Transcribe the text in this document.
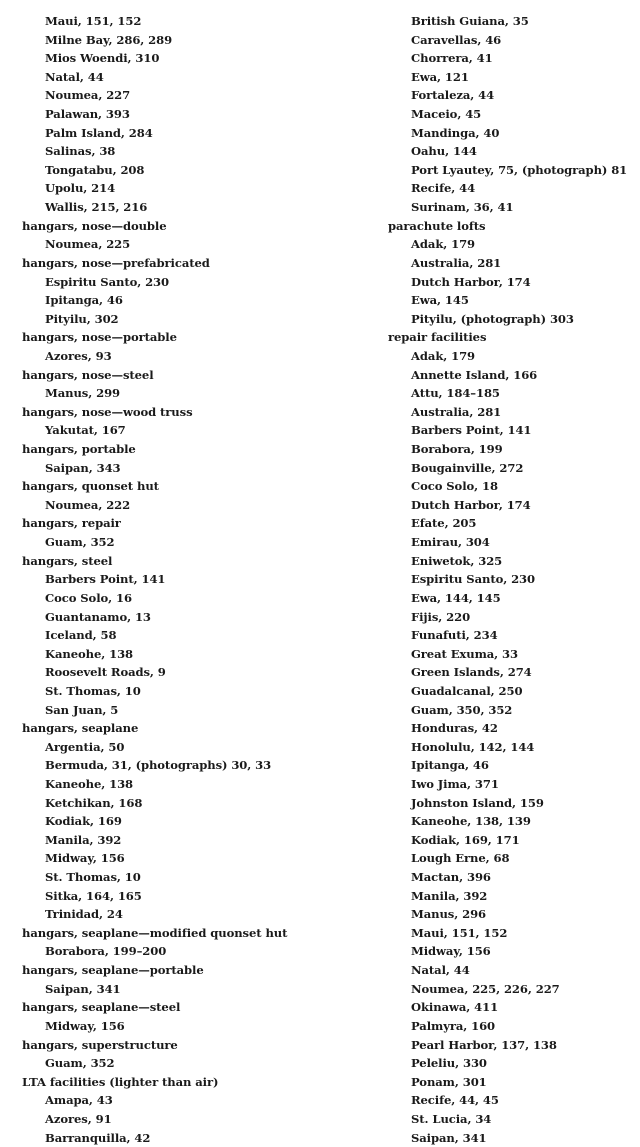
Maui, 151, 152
Milne Bay, 286, 289
Mios Woendi, 310
Natal, 44
Noumea, 227
Palawan, 393
Palm Island, 284
Salinas, 38
Tongatabu, 208
Upolu, 214
Wallis, 215, 216
hangars, nose—double
Noumea, 225
hangars, nose—prefabricated
Espiritu Santo, 230
Ipitanga, 46
Pityilu, 302
hangars, nose—portable
Azores, 93
hangars, nose—steel
Manus, 299
hangars, nose—wood truss
Yakutat, 167
hangars, portable
Saipan, 343
hangars, quonset hut
Noumea, 222
hangars, repair
Guam, 352
hangars, steel
Barbers Point, 141
Coco Solo, 16
Guantanamo, 13
Iceland, 58
Kaneohe, 138
Roosevelt Roads, 9
St. Thomas, 10
San Juan, 5
hangars, seaplane
Argentia, 50
Bermuda, 31, (photographs) 30, 33
Kaneohe, 138
Ketchikan, 168
Kodiak, 169
Manila, 392
Midway, 156
St. Thomas, 10
Sitka, 164, 165
Trinidad, 24
hangars, seaplane—modified quonset hut
Borabora, 199–200
hangars, seaplane—portable
Saipan, 341
hangars, seaplane—steel
Midway, 156
hangars, superstructure
Guam, 352
LTA facilities (lighter than air)
Amapa, 43
Azores, 91
Barranquilla, 42
British Guiana, 35
Caravellas, 46
Chorrera, 41
Ewa, 121
Fortaleza, 44
Maceio, 45
Mandinga, 40
Oahu, 144
Port Lyautey, 75, (photograph) 81
Recife, 44
Surinam, 36, 41
parachute lofts
Adak, 179
Australia, 281
Dutch Harbor, 174
Ewa, 145
Pityilu, (photograph) 303
repair facilities
Adak, 179
Annette Island, 166
Attu, 184–185
Australia, 281
Barbers Point, 141
Borabora, 199
Bougainville, 272
Coco Solo, 18
Dutch Harbor, 174
Efate, 205
Emirau, 304
Eniwetok, 325
Espiritu Santo, 230
Ewa, 144, 145
Fijis, 220
Funafuti, 234
Great Exuma, 33
Green Islands, 274
Guadalcanal, 250
Guam, 350, 352
Honduras, 42
Honolulu, 142, 144
Ipitanga, 46
Iwo Jima, 371
Johnston Island, 159
Kaneohe, 138, 139
Kodiak, 169, 171
Lough Erne, 68
Mactan, 396
Manila, 392
Manus, 296
Maui, 151, 152
Midway, 156
Natal, 44
Noumea, 225, 226, 227
Okinawa, 411
Palmyra, 160
Pearl Harbor, 137, 138
Peleliu, 330
Ponam, 301
Recife, 44, 45
St. Lucia, 34
Saipan, 341
